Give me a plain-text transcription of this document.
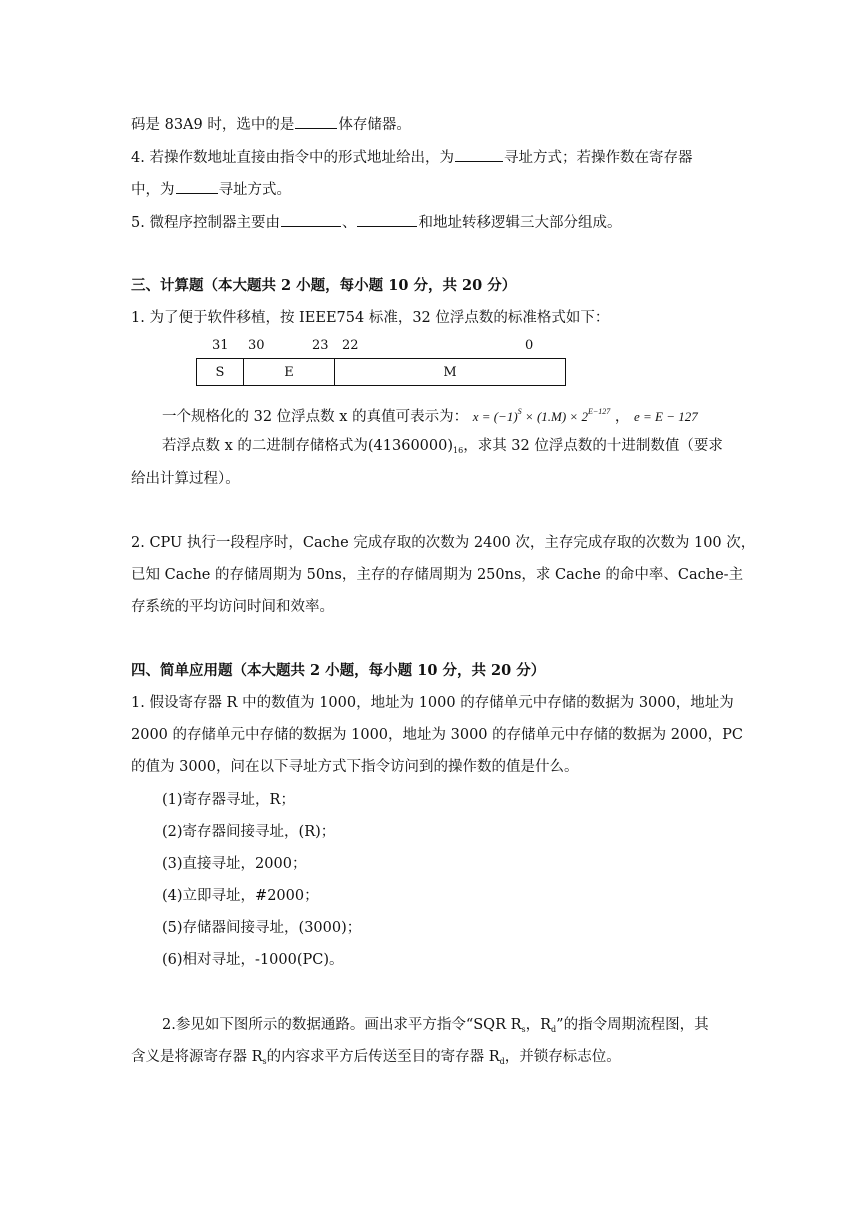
码是 83A9 时，选中的是	体存储器。
4. 若操作数地址直接由指令中的形式地址给出，为	寻址方式；若操作数在寄存器
中，为	寻址方式。
5. 微程序控制器主要由	、	和地址转移逻辑三大部分组成。
三、计算题（本大题共 2 小题，每小题 10 分，共 20 分）
1. 为了便于软件移植，按 IEEE754 标准，32 位浮点数的标准格式如下：
31 30	23 22	0
S	E	M
一个规格化的 32 位浮点数 x 的真值可表示为： $x = (-1)^S \times (1.M) \times 2^{E-127}$ ， e = E − 127
若浮点数 x 的二进制存储格式为$(41360000)_{16}$，求其 32 位浮点数的十进制数值（要求
给出计算过程）。
2. CPU 执行一段程序时，Cache 完成存取的次数为 2400 次，主存完成存取的次数为 100 次，
已知 Cache 的存储周期为 50ns，主存的存储周期为 250ns，求 Cache 的命中率、Cache-主
存系统的平均访问时间和效率。
四、简单应用题（本大题共 2 小题，每小题 10 分，共 20 分）
1. 假设寄存器 R 中的数值为 1000，地址为 1000 的存储单元中存储的数据为 3000，地址为
2000 的存储单元中存储的数据为 1000，地址为 3000 的存储单元中存储的数据为 2000，PC
的值为 3000，问在以下寻址方式下指令访问到的操作数的值是什么。
(1)寄存器寻址，R；
(2)寄存器间接寻址，(R)；
(3)直接寻址，2000；
(4)立即寻址，#2000；
(5)存储器间接寻址，(3000)；
(6)相对寻址，-1000(PC)。
2.参见如下图所示的数据通路。画出求平方指令“SQR $R_s$，$R_d$”的指令周期流程图，其
含义是将源寄存器 $R_s$的内容求平方后传送至目的寄存器 $R_d$，并锁存标志位。
